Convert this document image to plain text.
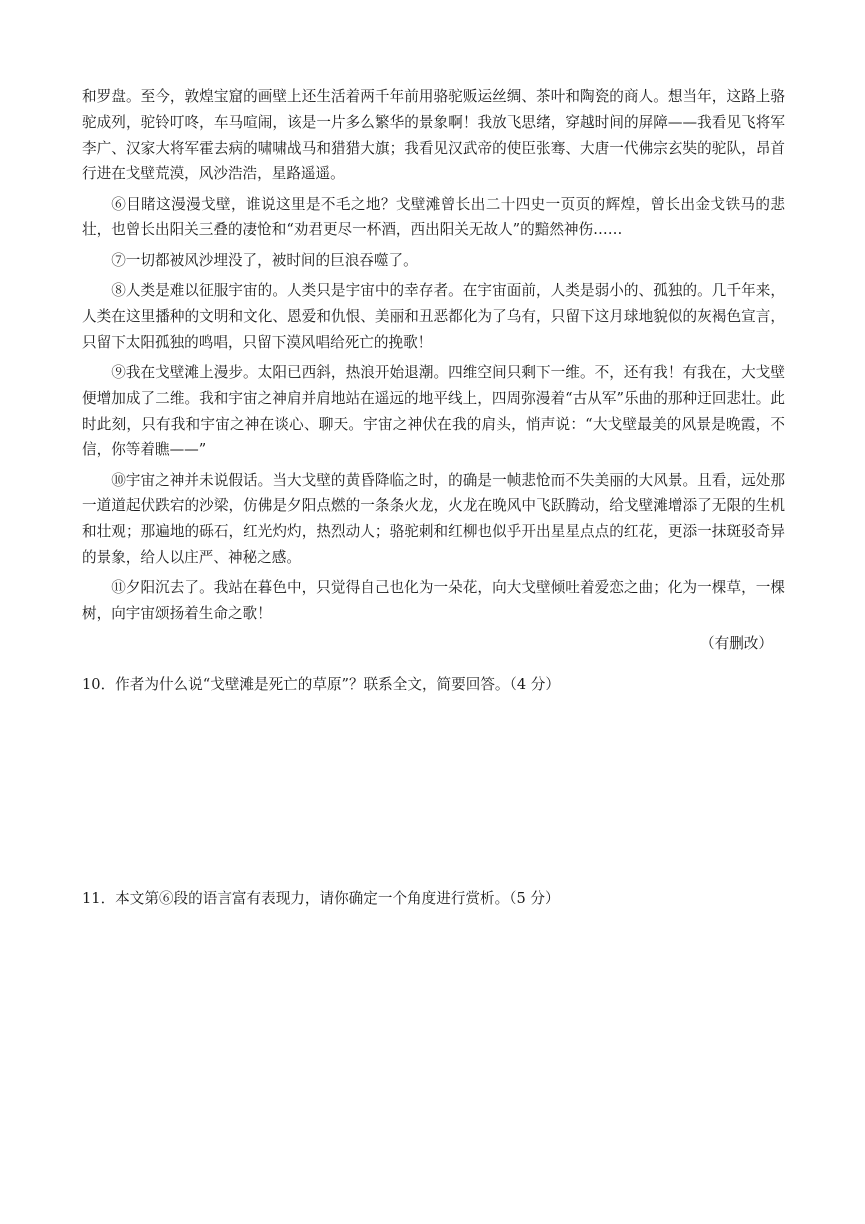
和罗盘。至今，敦煌宝窟的画壁上还生活着两千年前用骆驼贩运丝绸、茶叶和陶瓷的商人。想当年，这路上骆驼成列，驼铃叮咚，车马喧闹，该是一片多么繁华的景象啊！我放飞思绪，穿越时间的屏障——我看见飞将军李广、汉家大将军霍去病的啸啸战马和猎猎大旗；我看见汉武帝的使臣张骞、大唐一代佛宗玄奘的驼队，昂首行进在戈壁荒漠，风沙浩浩，星路遥遥。

⑥目睹这漫漫戈壁，谁说这里是不毛之地？戈壁滩曾长出二十四史一页页的辉煌，曾长出金戈铁马的悲壮，也曾长出阳关三叠的凄怆和“劝君更尽一杯酒，西出阳关无故人”的黯然神伤……

⑦一切都被风沙埋没了，被时间的巨浪吞噬了。

⑧人类是难以征服宇宙的。人类只是宇宙中的幸存者。在宇宙面前，人类是弱小的、孤独的。几千年来，人类在这里播种的文明和文化、恩爱和仇恨、美丽和丑恶都化为了乌有，只留下这月球地貌似的灰褐色宣言，只留下太阳孤独的鸣唱，只留下漠风唱给死亡的挽歌！

⑨我在戈壁滩上漫步。太阳已西斜，热浪开始退潮。四维空间只剩下一维。不，还有我！有我在，大戈壁便增加成了二维。我和宇宙之神肩并肩地站在遥远的地平线上，四周弥漫着“古从军”乐曲的那种迂回悲壮。此时此刻，只有我和宇宙之神在谈心、聊天。宇宙之神伏在我的肩头，悄声说：“大戈壁最美的风景是晚霞，不信，你等着瞧——”

⑩宇宙之神并未说假话。当大戈壁的黄昏降临之时，的确是一帧悲怆而不失美丽的大风景。且看，远处那一道道起伏跌宕的沙梁，仿佛是夕阳点燃的一条条火龙，火龙在晚风中飞跃腾动，给戈壁滩增添了无限的生机和壮观；那遍地的砾石，红光灼灼，热烈动人；骆驼刺和红柳也似乎开出星星点点的红花，更添一抹斑驳奇异的景象，给人以庄严、神秘之感。

⑪夕阳沉去了。我站在暮色中，只觉得自己也化为一朵花，向大戈壁倾吐着爱恋之曲；化为一棵草，一棵树，向宇宙颂扬着生命之歌！

（有删改）
10．作者为什么说“戈壁滩是死亡的草原”？联系全文，简要回答。（4 分）
11．本文第⑥段的语言富有表现力，请你确定一个角度进行赏析。（5 分）
